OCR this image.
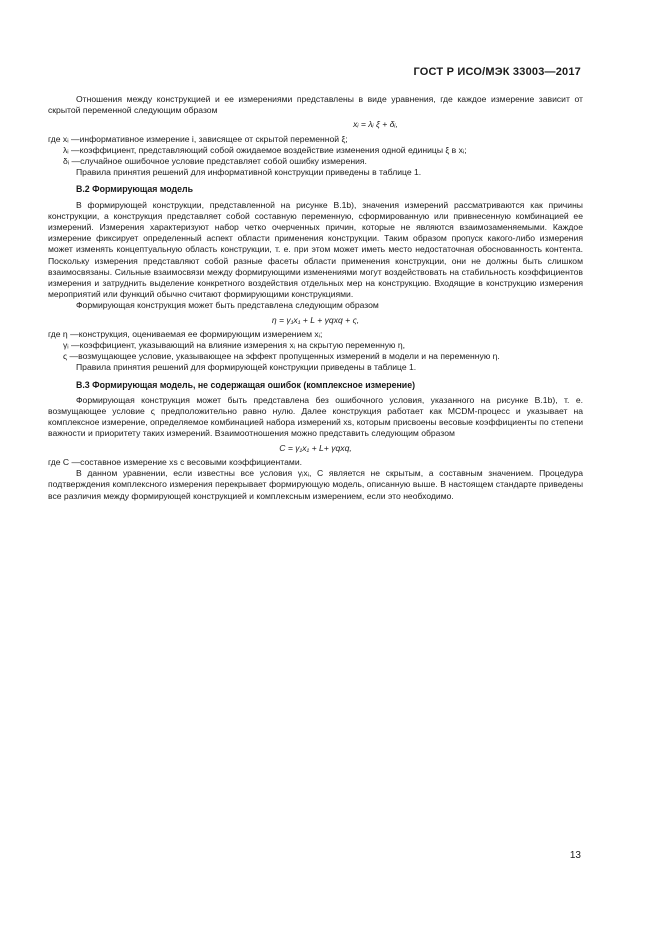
ГОСТ Р ИСО/МЭК 33003—2017

Отношения между конструкцией и ее измерениями представлены в виде уравнения, где каждое измерение зависит от скрытой переменной следующим образом

xᵢ = λᵢ ξ + δᵢ,
где xᵢ — информативное измерение i, зависящее от скрытой переменной ξ;
λᵢ — коэффициент, представляющий собой ожидаемое воздействие изменения одной единицы ξ в xᵢ;
δᵢ — случайное ошибочное условие представляет собой ошибку измерения.

Правила принятия решений для информативной конструкции приведены в таблице 1.

В.2 Формирующая модель

В формирующей конструкции, представленной на рисунке В.1b), значения измерений рассматриваются как причины конструкции, а конструкция представляет собой составную переменную, сформированную или привнесенную комбинацией ее измерений. Измерения характеризуют набор четко очерченных причин, которые не являются взаимозаменяемыми. Каждое измерение фиксирует определенный аспект области применения конструкции. Таким образом пропуск какого-либо измерения может изменять концептуальную область конструкции, т. е. при этом может иметь место недостаточная обоснованность контента. Поскольку измерения представляют собой разные фасеты области применения конструкции, они не должны быть слишком взаимосвязаны. Сильные взаимосвязи между формирующими изменениями могут воздействовать на стабильность коэффициентов измерения и затруднить выделение конкретного воздействия отдельных мер на конструкцию. Входящие в конструкцию измерения мероприятий или функций обычно считают формирующими конструкциями.

Формирующая конструкция может быть представлена следующим образом

η = γ₁x₁ + L + γqxq + ς,
где η — конструкция, оцениваемая ее формирующим измерением xᵢ;
γᵢ — коэффициент, указывающий на влияние измерения xᵢ на скрытую переменную η,
ς — возмущающее условие, указывающее на эффект пропущенных измерений в модели и на переменную η.

Правила принятия решений для формирующей конструкции приведены в таблице 1.

В.3 Формирующая модель, не содержащая ошибок (комплексное измерение)

Формирующая конструкция может быть представлена без ошибочного условия, указанного на рисунке В.1b), т. е. возмущающее условие ς предположительно равно нулю. Далее конструкция работает как MCDM-процесс и указывает на комплексное измерение, определяемое комбинацией набора измерений xs, которым присвоены весовые коэффициенты по степени важности и приоритету таких измерений. Взаимоотношения можно представить следующим образом

C = γ₁x₁ + L+ γqxq,
где C — составное измерение xs с весовыми коэффициентами.

В данном уравнении, если известны все условия γᵢxᵢ, C является не скрытым, а составным значением. Процедура подтверждения комплексного измерения перекрывает формирующую модель, описанную выше. В настоящем стандарте приведены все различия между формирующей конструкцией и комплексным измерением, если это необходимо.

13
